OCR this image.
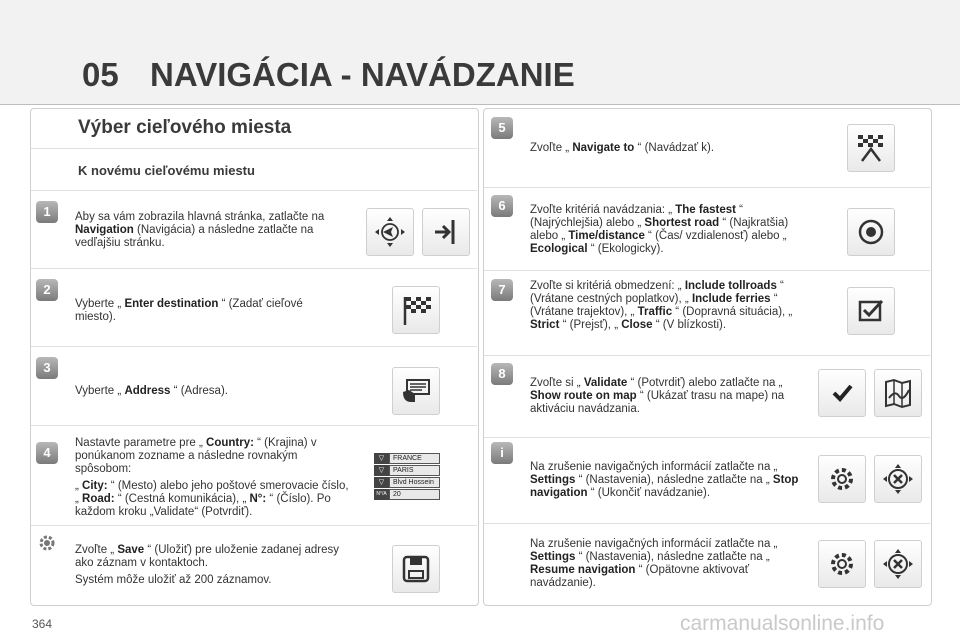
05 NAVIGÁCIA - NAVÁDZANIE
Výber cieľového miesta
K novému cieľovému miestu
1	Aby sa vám zobrazila hlavná stránka, zatlačte na Navigation (Navigácia) a následne zatlačte na vedľajšiu stránku.
2
Vyberte „ Enter destination “ (Zadať cieľové miesto).
3
Vyberte „ Address “ (Adresa).
4
Nastavte parametre pre „ Country: “ (Krajina) v ponúkanom zozname a následne rovnakým spôsobom:
„ City: “ (Mesto) alebo jeho poštové smerovacie číslo, „ Road: “ (Cestná komunikácia), „ N°: “ (Číslo). Po každom kroku „Validate“ (Potvrdiť).
▽	FRANCE
▽	PARIS
▽	Blvd Hossein
N°/A 20
Zvoľte „ Save “ (Uložiť) pre uloženie zadanej adresy ako záznam v kontaktoch.
Systém môže uložiť až 200 záznamov.
5
Zvoľte „ Navigate to “ (Navádzať k).
6	Zvoľte kritériá navádzania: „ The fastest “ (Najrýchlejšia) alebo „ Shortest road “ (Najkratšia) alebo „ Time/distance “ (Čas/ vzdialenosť) alebo „ Ecological “ (Ekologicky).
7	Zvoľte si kritériá obmedzení: „ Include tollroads “ (Vrátane cestných poplatkov), „ Include ferries “ (Vrátane trajektov), „ Traffic “ (Dopravná situácia), „ Strict “ (Prejsť), „ Close “ (V blízkosti).
8
Zvoľte si „ Validate “ (Potvrdiť) alebo zatlačte na „ Show route on map “ (Ukázať trasu na mape) na aktiváciu navádzania.
i
Na zrušenie navigačných informácií zatlačte na „ Settings “ (Nastavenia), následne zatlačte na „ Stop navigation “ (Ukončiť navádzanie).
Na zrušenie navigačných informácií zatlačte na „ Settings “ (Nastavenia), následne zatlačte na „ Resume navigation “ (Opätovne aktivovať navádzanie).
364	carmanualsonline.info
